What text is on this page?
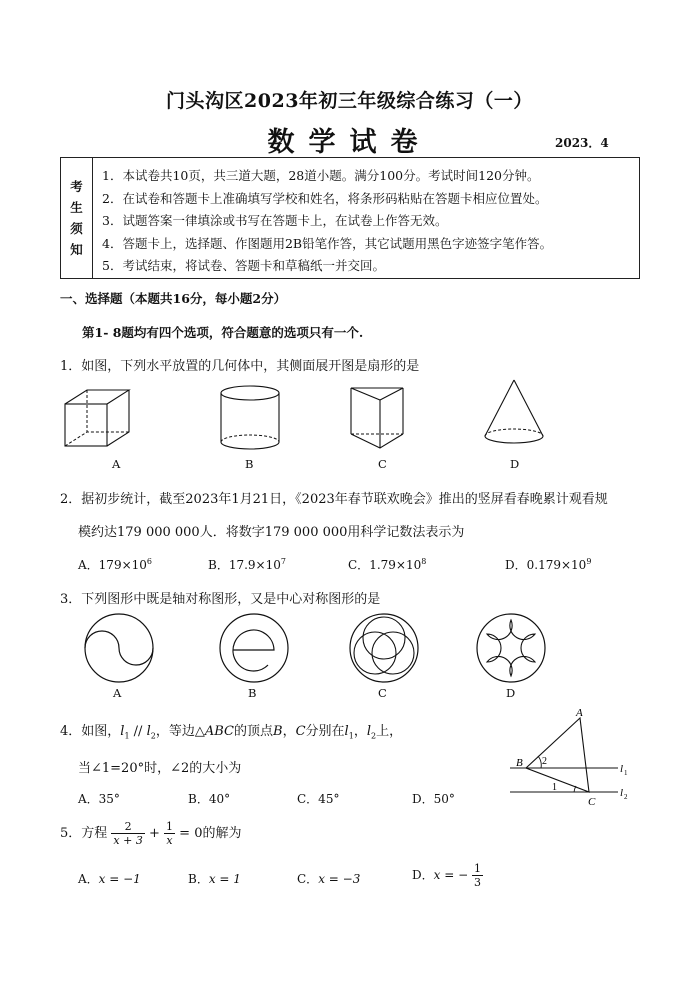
门头沟区2023年初三年级综合练习（一）
数学试卷	2023．4
考
生
须
知
1．本试卷共10页，共三道大题，28道小题。满分100分。考试时间120分钟。
2．在试卷和答题卡上准确填写学校和姓名，将条形码粘贴在答题卡相应位置处。
3．试题答案一律填涂或书写在答题卡上，在试卷上作答无效。
4．答题卡上，选择题、作图题用2B铅笔作答，其它试题用黑色字迹签字笔作答。
5．考试结束，将试卷、答题卡和草稿纸一并交回。
一、选择题（本题共16分，每小题2分）
第1- 8题均有四个选项，符合题意的选项只有一个.
1．如图，下列水平放置的几何体中，其侧面展开图是扇形的是
A	B	C	D
2．据初步统计，截至2023年1月21日，《2023年春节联欢晚会》推出的竖屏看春晚累计观看规
模约达179 000 000人．将数字179 000 000用科学记数法表示为
A．$179\times 10^6$	B．$17.9\times 10^7$	C．$1.79\times 10^8$	D．$0.179\times 10^9$
3．下列图形中既是轴对称图形，又是中心对称图形的是
A	B	C	D
4．如图，$l_1 // l_2$，等边△ABC的顶点B，C分别在$l_1$，$l_2$上，
当∠1=20°时，∠2的大小为
A．35°	B．40°	C．45°	D．50°
A
B
C
2
1
l 1
l 2
5．方程 $\frac{2}{x + 3} + \frac{1}{x} = 0$的解为
A．x = −1	B．x = 1	C．x = −3	D．x = − $\frac{1}{3}$
